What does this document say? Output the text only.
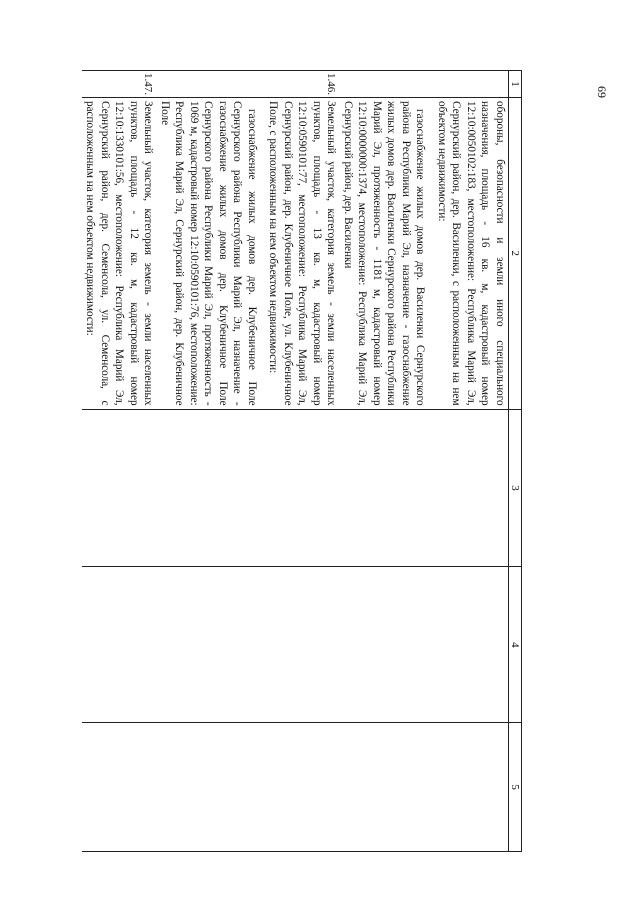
69
1	2	3	4	5

	обороны, безопасности и земли иного специального назначения, площадь - 16 кв. м, кадастровый номер 12:10:0050102:183, местоположение: Республика Марий Эл, Сернурский район, дер. Василенки, с расположенным на нем объектом недвижимости:

газоснабжение жилых домов дер. Василенки Сернурского района Республики Марий Эл, назначение - газоснабжение жилых домов дер. Василенки Сернурского района Республики Марий Эл, протяженность - 1181 м, кадастровый номер 12:10:0000000:1374, местоположение: Республика Марий Эл, Сернурский район, дер. Василенки			

1.46.	Земельный участок, категория земель - земли населенных пунктов, площадь - 13 кв. м, кадастровый номер 12:10:0590101:77, местоположение: Республика Марий Эл, Сернурский район, дер. Клубеничное Поле, ул. Клубеничное Поле, с расположенным на нем объектом недвижимости:

газоснабжение жилых домов дер. Клубеничное Поле Сернурского района Республики Марий Эл, назначение - газоснабжение жилых домов дер. Клубеничное Поле Сернурского района Республики Марий Эл, протяженность - 1069 м, кадастровый номер 12:10:0590101:76, местоположение: Республика Марий Эл, Сернурский район, дер. Клубеничное Поле			

1.47.	Земельный участок, категория земель - земли населенных пунктов, площадь - 12 кв. м, кадастровый номер 12:10:1330101:56, местоположение: Республика Марий Эл, Сернурский район, дер. Семенсола, ул. Семенсола, с расположенным на нем объектом недвижимости:			
